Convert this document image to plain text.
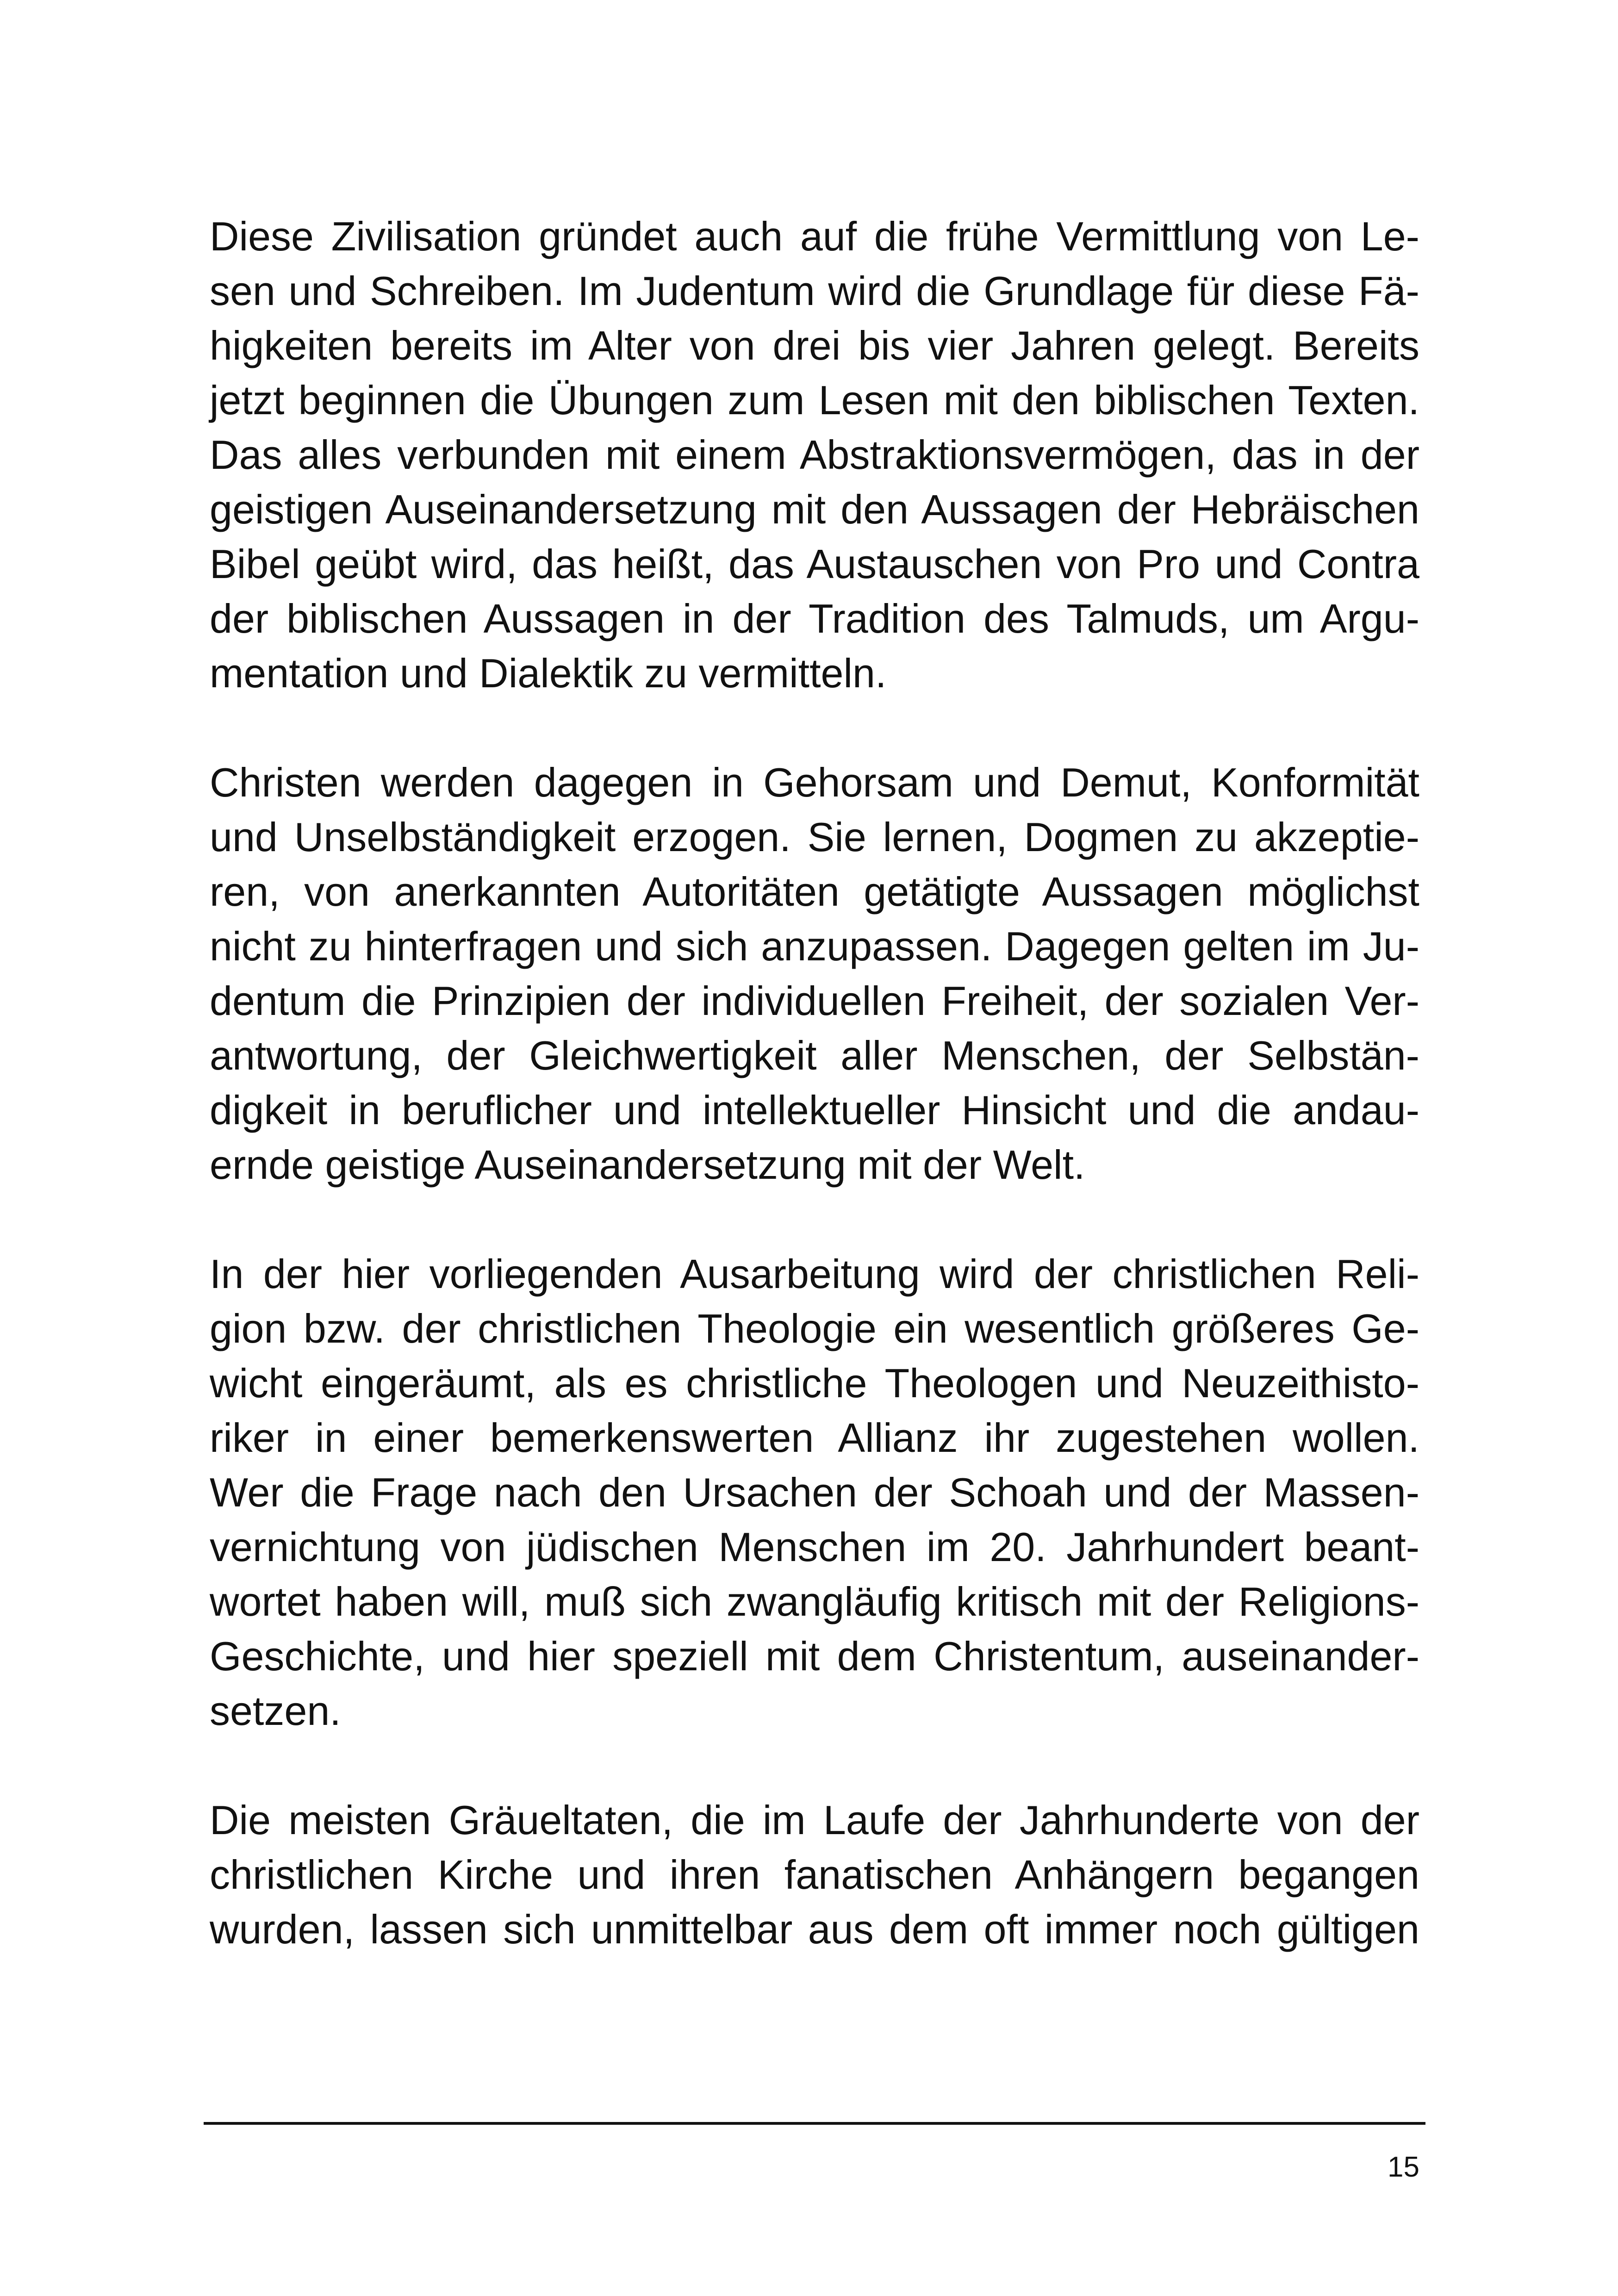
Diese Zivilisation gründet auch auf die frühe Vermittlung von Le-
sen und Schreiben. Im Judentum wird die Grundlage für diese Fä-
higkeiten bereits im Alter von drei bis vier Jahren gelegt. Bereits
jetzt beginnen die Übungen zum Lesen mit den biblischen Texten.
Das alles verbunden mit einem Abstraktionsvermögen, das in der
geistigen Auseinandersetzung mit den Aussagen der Hebräischen
Bibel geübt wird, das heißt, das Austauschen von Pro und Contra
der biblischen Aussagen in der Tradition des Talmuds, um Argu-
mentation und Dialektik zu vermitteln.

Christen werden dagegen in Gehorsam und Demut, Konformität
und Unselbständigkeit erzogen. Sie lernen, Dogmen zu akzeptie-
ren, von anerkannten Autoritäten getätigte Aussagen möglichst
nicht zu hinterfragen und sich anzupassen. Dagegen gelten im Ju-
dentum die Prinzipien der individuellen Freiheit, der sozialen Ver-
antwortung, der Gleichwertigkeit aller Menschen, der Selbstän-
digkeit in beruflicher und intellektueller Hinsicht und die andau-
ernde geistige Auseinandersetzung mit der Welt.

In der hier vorliegenden Ausarbeitung wird der christlichen Reli-
gion bzw. der christlichen Theologie ein wesentlich größeres Ge-
wicht eingeräumt, als es christliche Theologen und Neuzeithisto-
riker in einer bemerkenswerten Allianz ihr zugestehen wollen.
Wer die Frage nach den Ursachen der Schoah und der Massen-
vernichtung von jüdischen Menschen im 20. Jahrhundert beant-
wortet haben will, muß sich zwangläufig kritisch mit der Religions-
Geschichte, und hier speziell mit dem Christentum, auseinander-
setzen.

Die meisten Gräueltaten, die im Laufe der Jahrhunderte von der
christlichen Kirche und ihren fanatischen Anhängern begangen
wurden, lassen sich unmittelbar aus dem oft immer noch gültigen

15
